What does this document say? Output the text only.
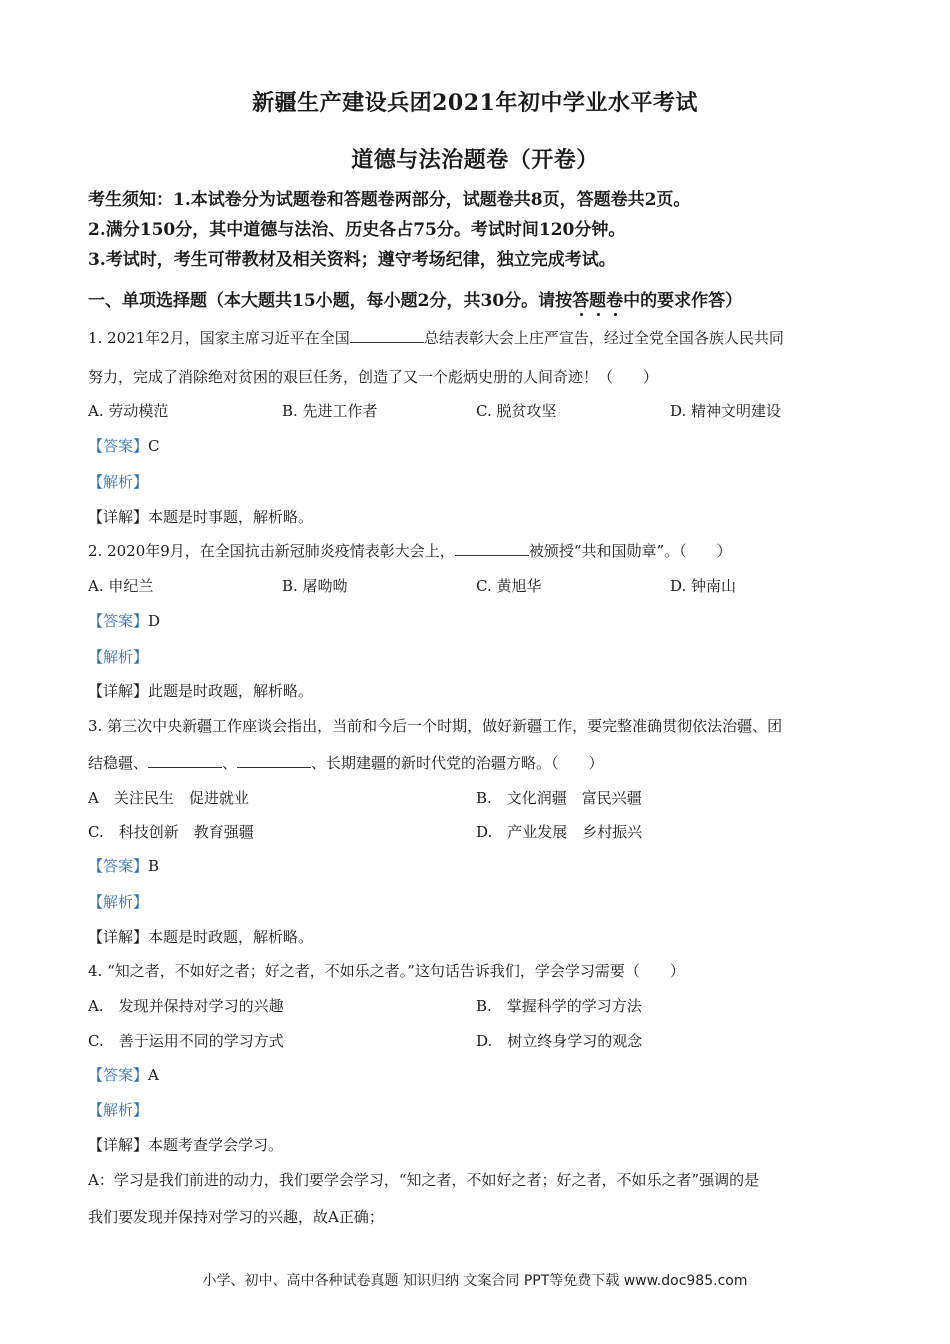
新疆生产建设兵团2021年初中学业水平考试
道德与法治题卷（开卷）
考生须知：1.本试卷分为试题卷和答题卷两部分，试题卷共8页，答题卷共2页。
2.满分150分，其中道德与法治、历史各占75分。考试时间120分钟。
3.考试时，考生可带教材及相关资料；遵守考场纪律，独立完成考试。
一、单项选择题（本大题共15小题，每小题2分，共30分。请按答题卷中的要求作答）
1. 2021年2月，国家主席习近平在全国	总结表彰大会上庄严宣告，经过全党全国各族人民共同
努力，完成了消除绝对贫困的艰巨任务，创造了又一个彪炳史册的人间奇迹！（　　）
A. 劳动模范	B. 先进工作者	C. 脱贫攻坚	D. 精神文明建设
【答案】C
【解析】
【详解】本题是时事题，解析略。
2. 2020年9月，在全国抗击新冠肺炎疫情表彰大会上，	被颁授“共和国勋章”。（　　）
A. 申纪兰	B. 屠呦呦	C. 黄旭华	D. 钟南山
【答案】D
【解析】
【详解】此题是时政题，解析略。
3. 第三次中央新疆工作座谈会指出，当前和今后一个时期，做好新疆工作，要完整准确贯彻依法治疆、团
结稳疆、	、	、长期建疆的新时代党的治疆方略。（　　）
A　关注民生　促进就业	B.　文化润疆　富民兴疆
C.　科技创新　教育强疆	D.　产业发展　乡村振兴
【答案】B
【解析】
【详解】本题是时政题，解析略。
4. “知之者，不如好之者；好之者，不如乐之者。”这句话告诉我们，学会学习需要（　　）
A.　发现并保持对学习的兴趣	B.　掌握科学的学习方法
C.　善于运用不同的学习方式	D.　树立终身学习的观念
【答案】A
【解析】
【详解】本题考查学会学习。
A：学习是我们前进的动力，我们要学会学习，“知之者，不如好之者；好之者，不如乐之者”强调的是
我们要发现并保持对学习的兴趣，故A正确；
小学、初中、高中各种试卷真题 知识归纳 文案合同 PPT等免费下载 www.doc985.com
